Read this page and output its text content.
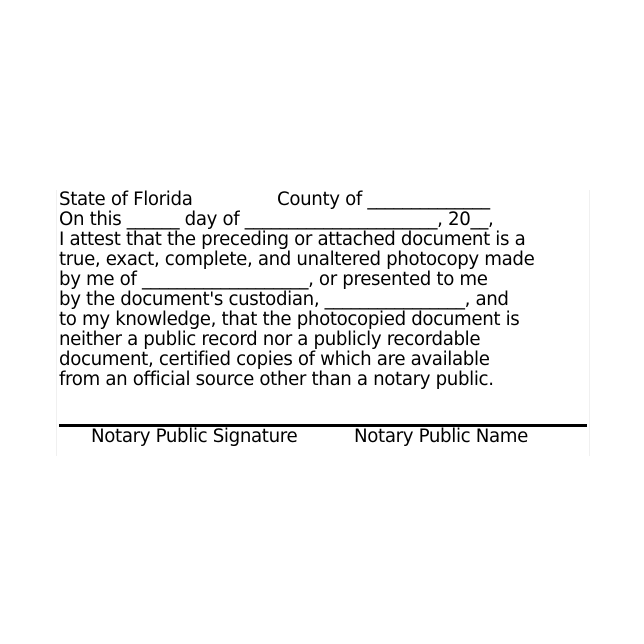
State of Florida	County of ______________
On this ______ day of ______________________, 20__,
I attest that the preceding or attached document is a
true, exact, complete, and unaltered photocopy made
by me of ___________________, or presented to me
by the document's custodian, ________________, and
to my knowledge, that the photocopied document is
neither a public record nor a publicly recordable
document, certified copies of which are available
from an official source other than a notary public.
Notary Public Signature	Notary Public Name
